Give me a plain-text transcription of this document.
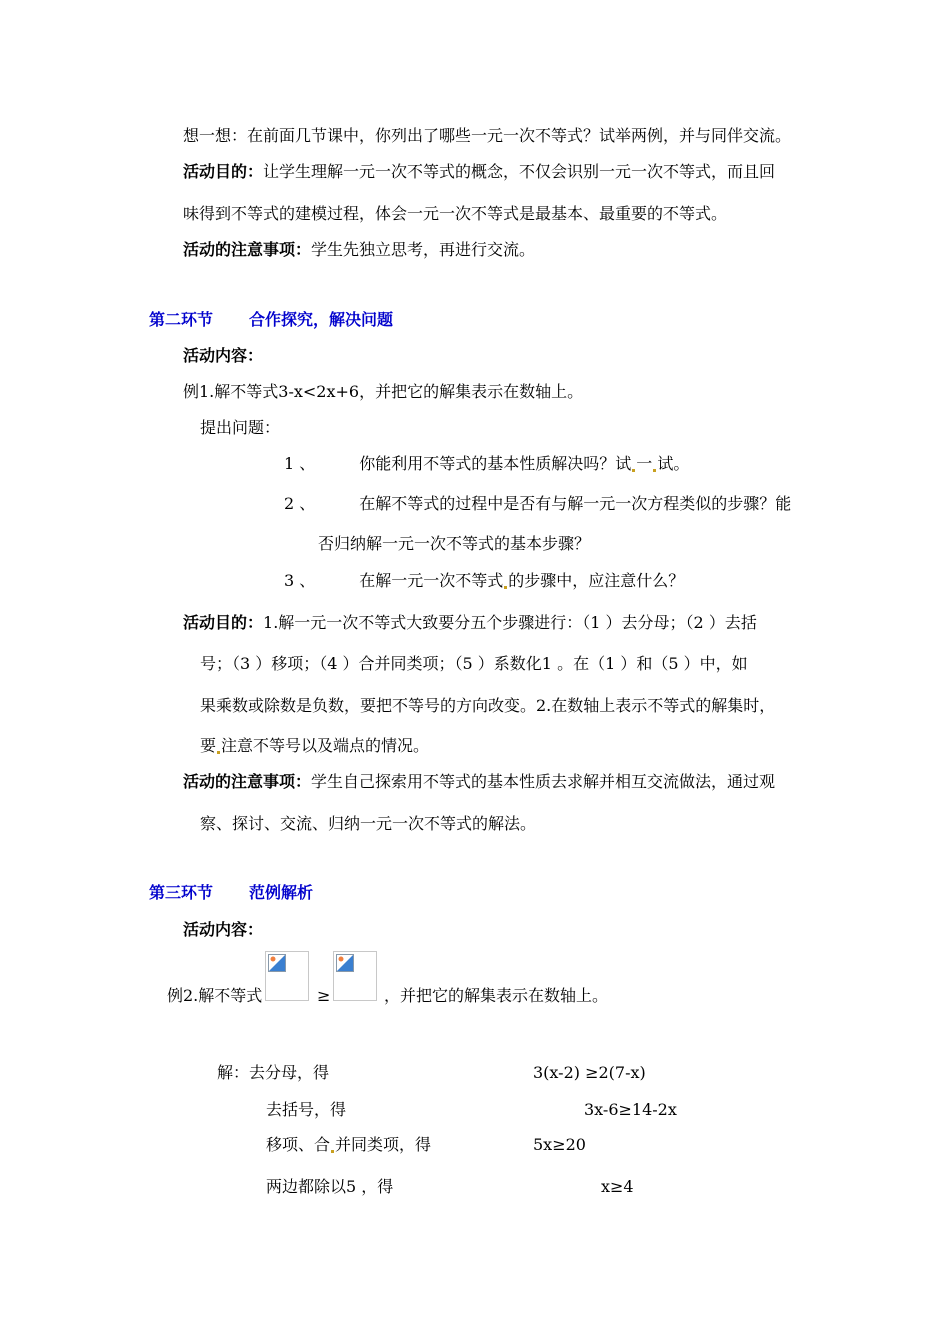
想一想：在前面几节课中，你列出了哪些一元一次不等式？试举两例，并与同伴交流。
活动目的：让学生理解一元一次不等式的概念，不仅会识别一元一次不等式，而且回
味得到不等式的建模过程，体会一元一次不等式是最基本、最重要的不等式。
活动的注意事项：学生先独立思考，再进行交流。
第二环节 合作探究，解决问题
活动内容：
例1.解不等式3-x<2x+6，并把它的解集表示在数轴上。
提出问题：
1 、	你能利用不等式的基本性质解决吗？试 一 试。
2 、	在解不等式的过程中是否有与解一元一次方程类似的步骤？能
否归纳解一元一次不等式的基本步骤？
3 、	在解一元一次不等式 的步骤中，应注意什么？
活动目的：1.解一元一次不等式大致要分五个步骤进行：（1 ）去分母；（2 ）去括
号；（3 ）移项；（4 ）合并同类项；（5 ）系数化1 。在（1 ）和（5 ）中，如
果乘数或除数是负数，要把不等号的方向改变。2.在数轴上表示不等式的解集时，
要 注意不等号以及端点的情况。
活动的注意事项：学生自己探索用不等式的基本性质去求解并相互交流做法，通过观
察、探讨、交流、归纳一元一次不等式的解法。
第三环节 范例解析
活动内容：
例2.解不等式	≥	，并把它的解集表示在数轴上。
解：去分母，得	3(x-2) ≥2(7-x)
去括号，得	3x-6≥14-2x
移项、合 并同类项，得	5x≥20
两边都除以5 ，得	x≥4
